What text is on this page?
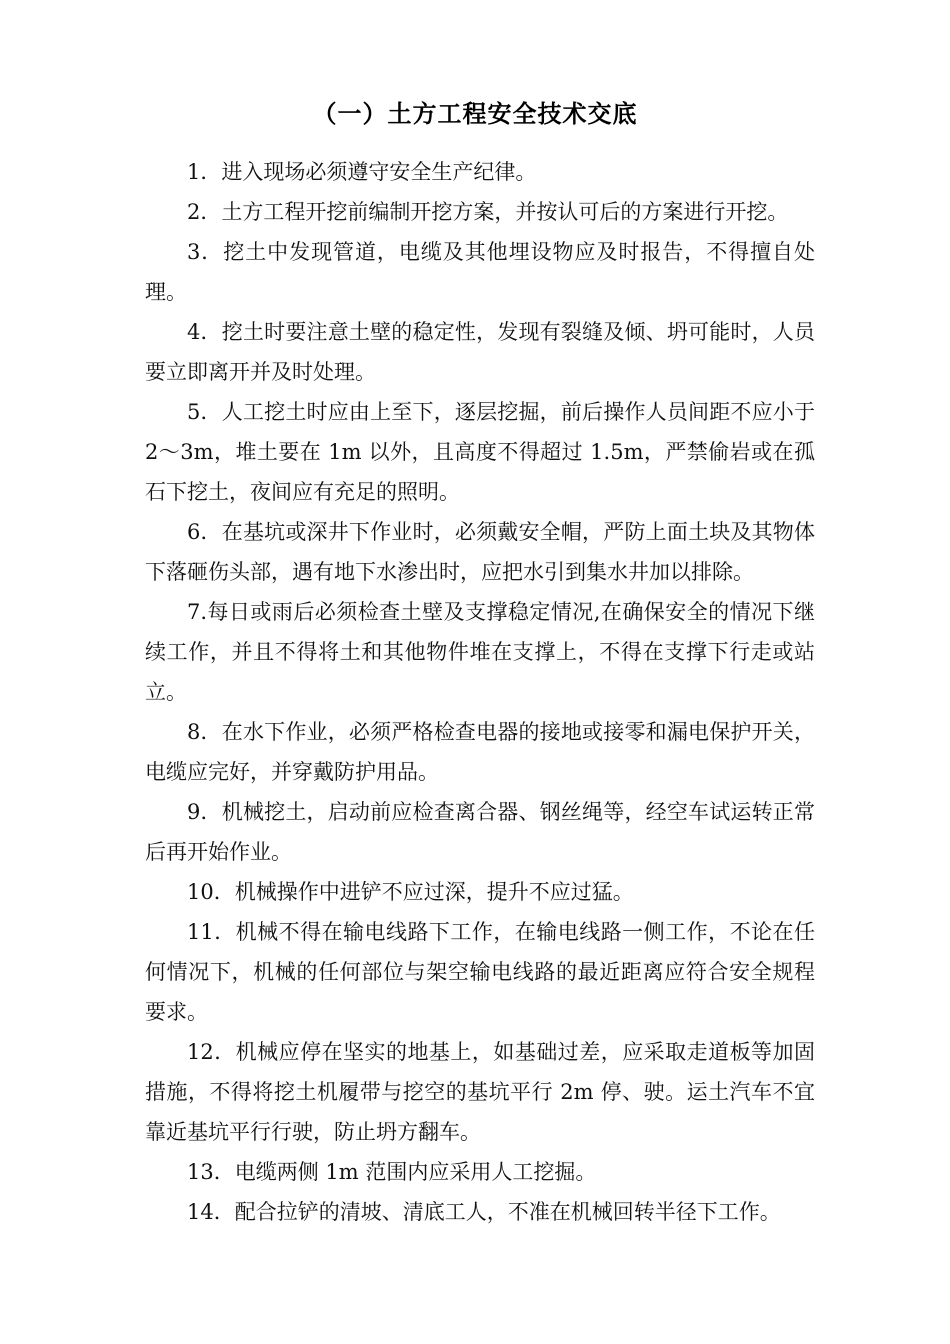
（一）土方工程安全技术交底

1．进入现场必须遵守安全生产纪律。

2．土方工程开挖前编制开挖方案，并按认可后的方案进行开挖。

3．挖土中发现管道，电缆及其他埋设物应及时报告，不得擅自处理。

4．挖土时要注意土壁的稳定性，发现有裂缝及倾、坍可能时，人员要立即离开并及时处理。

5．人工挖土时应由上至下，逐层挖掘，前后操作人员间距不应小于 2～3m，堆土要在 1m 以外，且高度不得超过 1.5m，严禁偷岩或在孤石下挖土，夜间应有充足的照明。

6．在基坑或深井下作业时，必须戴安全帽，严防上面土块及其物体下落砸伤头部，遇有地下水渗出时，应把水引到集水井加以排除。

7.每日或雨后必须检查土壁及支撑稳定情况,在确保安全的情况下继续工作，并且不得将土和其他物件堆在支撑上，不得在支撑下行走或站立。

8．在水下作业，必须严格检查电器的接地或接零和漏电保护开关，电缆应完好，并穿戴防护用品。

9．机械挖土，启动前应检查离合器、钢丝绳等，经空车试运转正常后再开始作业。

10．机械操作中进铲不应过深，提升不应过猛。

11．机械不得在输电线路下工作，在输电线路一侧工作，不论在任何情况下，机械的任何部位与架空输电线路的最近距离应符合安全规程要求。

12．机械应停在坚实的地基上，如基础过差，应采取走道板等加固措施，不得将挖土机履带与挖空的基坑平行 2m 停、驶。运土汽车不宜靠近基坑平行行驶，防止坍方翻车。

13．电缆两侧 1m 范围内应采用人工挖掘。

14．配合拉铲的清坡、清底工人，不准在机械回转半径下工作。
